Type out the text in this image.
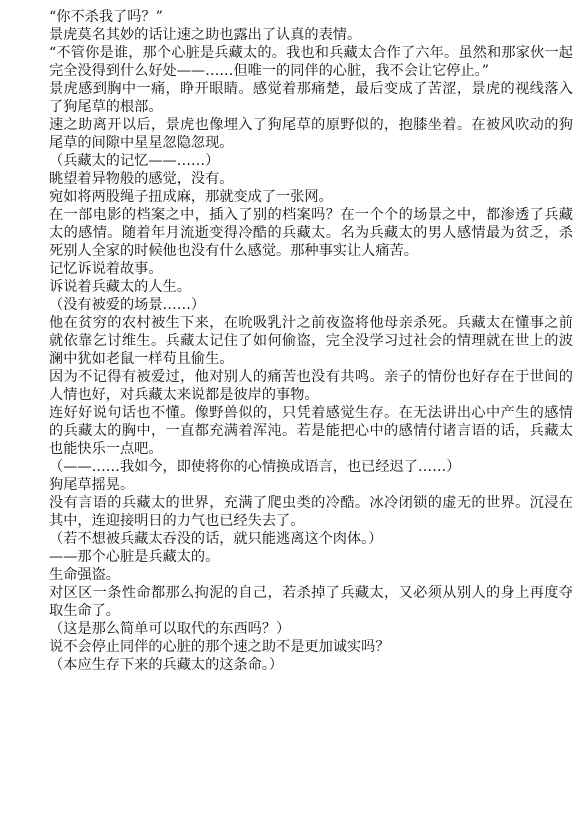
“你不杀我了吗？”

景虎莫名其妙的话让速之助也露出了认真的表情。

“不管你是谁，那个心脏是兵藏太的。我也和兵藏太合作了六年。虽然和那家伙一起完全没得到什么好处——……但唯一的同伴的心脏，我不会让它停止。”

景虎感到胸中一痛，睁开眼睛。感觉着那痛楚，最后变成了苦涩，景虎的视线落入了狗尾草的根部。

速之助离开以后，景虎也像埋入了狗尾草的原野似的，抱膝坐着。在被风吹动的狗尾草的间隙中星星忽隐忽现。

（兵藏太的记忆——……）

眺望着异物般的感觉，没有。

宛如将两股绳子扭成麻，那就变成了一张网。

在一部电影的档案之中，插入了别的档案吗？在一个个的场景之中，都渗透了兵藏太的感情。随着年月流逝变得冷酷的兵藏太。名为兵藏太的男人感情最为贫乏，杀死别人全家的时候他也没有什么感觉。那种事实让人痛苦。

记忆诉说着故事。

诉说着兵藏太的人生。

（没有被爱的场景……）

他在贫穷的农村被生下来，在吮吸乳汁之前夜盗将他母亲杀死。兵藏太在懂事之前就依靠乞讨维生。兵藏太记住了如何偷盗，完全没学习过社会的情理就在世上的波澜中犹如老鼠一样苟且偷生。

因为不记得有被爱过，他对别人的痛苦也没有共鸣。亲子的情份也好存在于世间的人情也好，对兵藏太来说都是彼岸的事物。

连好好说句话也不懂。像野兽似的，只凭着感觉生存。在无法讲出心中产生的感情的兵藏太的胸中，一直都充满着浑沌。若是能把心中的感情付诸言语的话，兵藏太也能快乐一点吧。

（——……我如今，即使将你的心情换成语言，也已经迟了……）

狗尾草摇晃。

没有言语的兵藏太的世界，充满了爬虫类的冷酷。冰冷闭锁的虚无的世界。沉浸在其中，连迎接明日的力气也已经失去了。

（若不想被兵藏太吞没的话，就只能逃离这个肉体。）

——那个心脏是兵藏太的。

生命强盗。

对区区一条性命都那么拘泥的自己，若杀掉了兵藏太，又必须从别人的身上再度夺取生命了。

（这是那么简单可以取代的东西吗？）

说不会停止同伴的心脏的那个速之助不是更加诚实吗？

（本应生存下来的兵藏太的这条命。）
